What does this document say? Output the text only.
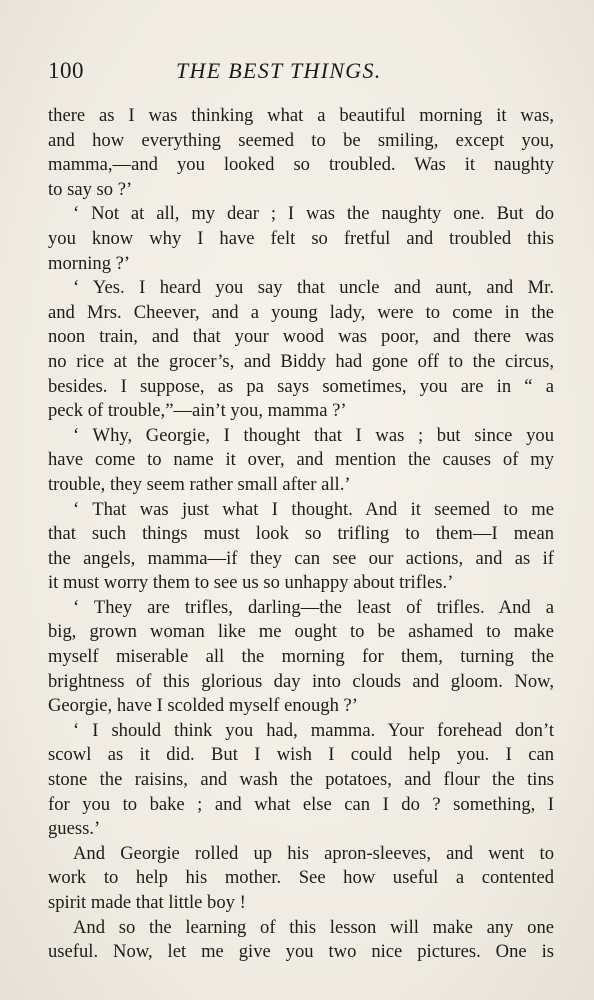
100	THE BEST THINGS.
there as I was thinking what a beautiful morning it was,
and how everything seemed to be smiling, except you,
mamma,—and you looked so troubled. Was it naughty
to say so ?’
‘ Not at all, my dear ; I was the naughty one. But do
you know why I have felt so fretful and troubled this
morning ?’
‘ Yes. I heard you say that uncle and aunt, and Mr.
and Mrs. Cheever, and a young lady, were to come in the
noon train, and that your wood was poor, and there was
no rice at the grocer’s, and Biddy had gone off to the circus,
besides. I suppose, as pa says sometimes, you are in “ a
peck of trouble,”—ain’t you, mamma ?’
‘ Why, Georgie, I thought that I was ; but since you
have come to name it over, and mention the causes of my
trouble, they seem rather small after all.’
‘ That was just what I thought. And it seemed to me
that such things must look so trifling to them—I mean
the angels, mamma—if they can see our actions, and as if
it must worry them to see us so unhappy about trifles.’
‘ They are trifles, darling—the least of trifles. And a
big, grown woman like me ought to be ashamed to make
myself miserable all the morning for them, turning the
brightness of this glorious day into clouds and gloom. Now,
Georgie, have I scolded myself enough ?’
‘ I should think you had, mamma. Your forehead don’t
scowl as it did. But I wish I could help you. I can
stone the raisins, and wash the potatoes, and flour the tins
for you to bake ; and what else can I do ? something, I
guess.’
And Georgie rolled up his apron-sleeves, and went to
work to help his mother. See how useful a contented
spirit made that little boy !
And so the learning of this lesson will make any one
useful. Now, let me give you two nice pictures. One is
